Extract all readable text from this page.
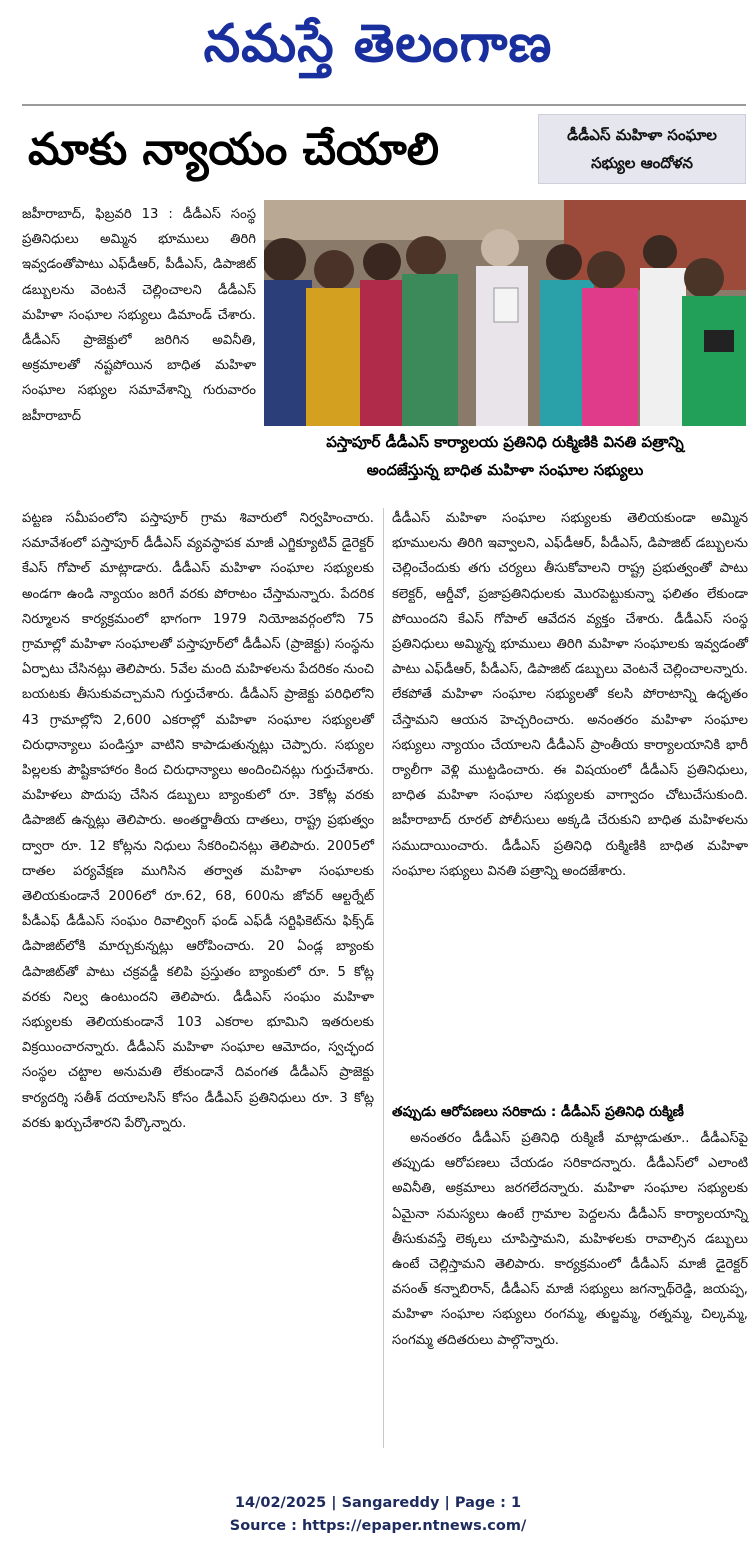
నమస్తే తెలంగాణ
మాకు న్యాయం చేయాలి	డీడీఎస్ మహిళా సంఘాల
సభ్యుల ఆందోళన
పస్తాపూర్ డీడీఎస్ కార్యాలయ ప్రతినిధి రుక్మిణికి వినతి పత్రాన్ని
అందజేస్తున్న బాధిత మహిళా సంఘాల సభ్యులు
జహీరాబాద్, ఫిబ్రవరి 13 : డీడీఎస్ సంస్థ ప్రతినిధులు అమ్మిన భూములు తిరిగి ఇవ్వడంతోపాటు ఎఫ్‌డీఆర్, పీడీఎస్, డిపాజిట్ డబ్బులను వెంటనే చెల్లించాలని డీడీఎస్ మహిళా సంఘాల సభ్యులు డిమాండ్ చేశారు. డీడీఎస్ ప్రాజెక్టులో జరిగిన అవినీతి, అక్రమాలతో నష్టపోయిన బాధిత మహిళా సంఘాల సభ్యుల సమావేశాన్ని గురువారం జహీరాబాద్
పట్టణ సమీపంలోని పస్తాపూర్ గ్రామ శివారులో నిర్వహించారు. సమావేశంలో పస్తాపూర్ డీడీఎస్ వ్యవస్థాపక మాజీ ఎగ్జిక్యూటివ్ డైరెక్టర్ కేఎస్ గోపాల్ మాట్లాడారు. డీడీఎస్ మహిళా సంఘాల సభ్యులకు అండగా ఉండి న్యాయం జరిగే వరకు పోరాటం చేస్తామన్నారు. పేదరిక నిర్మూలన కార్యక్రమంలో భాగంగా 1979 నియోజవర్గంలోని 75 గ్రామాల్లో మహిళా సంఘాలతో పస్తాపూర్‌లో డీడీఎస్ (ప్రాజెక్టు) సంస్థను ఏర్పాటు చేసినట్లు తెలిపారు. 5వేల మంది మహిళలను పేదరికం నుంచి బయటకు తీసుకువచ్చామని గుర్తుచేశారు. డీడీఎస్ ప్రాజెక్టు పరిధిలోని 43 గ్రామాల్లోని 2,600 ఎకరాల్లో మహిళా సంఘాల సభ్యులతో చిరుధాన్యాలు పండిస్తూ వాటిని కాపాడుతున్నట్లు చెప్పారు. సభ్యుల పిల్లలకు పౌష్టికాహారం కింద చిరుధాన్యాలు అందించినట్లు గుర్తుచేశారు. మహిళలు పొదుపు చేసిన డబ్బులు బ్యాంకులో రూ. 3కోట్ల వరకు డిపాజిట్ ఉన్నట్లు తెలిపారు. అంతర్జాతీయ దాతలు, రాష్ట్ర ప్రభుత్వం ద్వారా రూ. 12 కోట్లను నిధులు సేకరించినట్లు తెలిపారు. 2005లో దాతల పర్యవేక్షణ ముగిసిన తర్వాత మహిళా సంఘాలకు తెలియకుండానే 2006లో రూ.62, 68, 600ను జోవర్ ఆల్టర్నేట్ పీడీఎఫ్ డీడీఎస్ సంఘం రివాల్వింగ్ ఫండ్ ఎఫ్‌డీ సర్టిఫికెట్‌ను ఫిక్స్‌డ్ డిపాజిట్‌లోకి మార్చుకున్నట్లు ఆరోపించారు. 20 ఏండ్ల బ్యాంకు డిపాజిట్‌తో పాటు చక్రవడ్డీ కలిపి ప్రస్తుతం బ్యాంకులో రూ. 5 కోట్ల వరకు నిల్వ ఉంటుందని తెలిపారు. డీడీఎస్ సంఘం మహిళా సభ్యులకు తెలియకుండానే 103 ఎకరాల భూమిని ఇతరులకు విక్రయించారన్నారు. డీడీఎస్ మహిళా సంఘాల ఆమోదం, స్వచ్ఛంద సంస్థల చట్టాల అనుమతి లేకుండానే దివంగత డీడీఎస్ ప్రాజెక్టు కార్యదర్శి సతీశ్ దయాలసిస్ కోసం డీడీఎస్ ప్రతినిధులు రూ. 3 కోట్ల వరకు ఖర్చుచేశారని పేర్కొన్నారు.
డీడీఎస్ మహిళా సంఘాల సభ్యులకు తెలియకుండా అమ్మిన భూములను తిరిగి ఇవ్వాలని, ఎఫ్‌డీఆర్, పీడీఎస్, డిపాజిట్ డబ్బులను చెల్లించేందుకు తగు చర్యలు తీసుకోవాలని రాష్ట్ర ప్రభుత్వంతో పాటు కలెక్టర్, ఆర్డీవో, ప్రజాప్రతినిధులకు మొరపెట్టుకున్నా ఫలితం లేకుండా పోయిందని కేఎస్ గోపాల్ ఆవేదన వ్యక్తం చేశారు. డీడీఎస్ సంస్థ ప్రతినిధులు అమ్మిన్న భూములు తిరిగి మహిళా సంఘాలకు ఇవ్వడంతో పాటు ఎఫ్‌డీఆర్, పీడీఎస్, డిపాజిట్ డబ్బులు వెంటనే చెల్లించాలన్నారు. లేకపోతే మహిళా సంఘాల సభ్యులతో కలసి పోరాటాన్ని ఉధృతం చేస్తామని ఆయన హెచ్చరించారు. అనంతరం మహిళా సంఘాల సభ్యులు న్యాయం చేయాలని డీడీఎస్ ప్రాంతీయ కార్యాలయానికి భారీ ర్యాలీగా వెళ్లి ముట్టడించారు. ఈ విషయంలో డీడీఎస్ ప్రతినిధులు, బాధిత మహిళా సంఘాల సభ్యులకు వాగ్వాదం చోటుచేసుకుంది. జహీరాబాద్ రూరల్ పోలీసులు అక్కడి చేరుకుని బాధిత మహిళలను సముదాయించారు. డీడీఎస్ ప్రతినిధి రుక్మిణికి బాధిత మహిళా సంఘాల సభ్యులు వినతి పత్రాన్ని అందజేశారు.
తప్పుడు ఆరోపణలు సరికాదు : డీడీఎస్ ప్రతినిధి రుక్మిణీ
అనంతరం డీడీఎస్ ప్రతినిధి రుక్మిణీ మాట్లాడుతూ.. డీడీఎస్‌పై తప్పుడు ఆరోపణలు చేయడం సరికాదన్నారు. డీడీఎస్‌లో ఎలాంటి అవినీతి, అక్రమాలు జరగలేదన్నారు. మహిళా సంఘాల సభ్యులకు ఏమైనా సమస్యలు ఉంటే గ్రామాల పెద్దలను డీడీఎస్ కార్యాలయాన్ని తీసుకువస్తే లెక్కలు చూపిస్తామని, మహిళలకు రావాల్సిన డబ్బులు ఉంటే చెల్లిస్తామని తెలిపారు. కార్యక్రమంలో డీడీఎస్ మాజీ డైరెక్టర్ వసంత్ కన్నాబిరాన్, డీడీఎస్ మాజీ సభ్యులు జగన్నాథ్‌రెడ్డి, జయప్ప, మహిళా సంఘాల సభ్యులు రంగమ్మ, తుల్జమ్మ, రత్నమ్మ, చిల్కమ్మ, సంగమ్మ తదితరులు పాల్గొన్నారు.
14/02/2025 | Sangareddy | Page : 1
Source : https://epaper.ntnews.com/
